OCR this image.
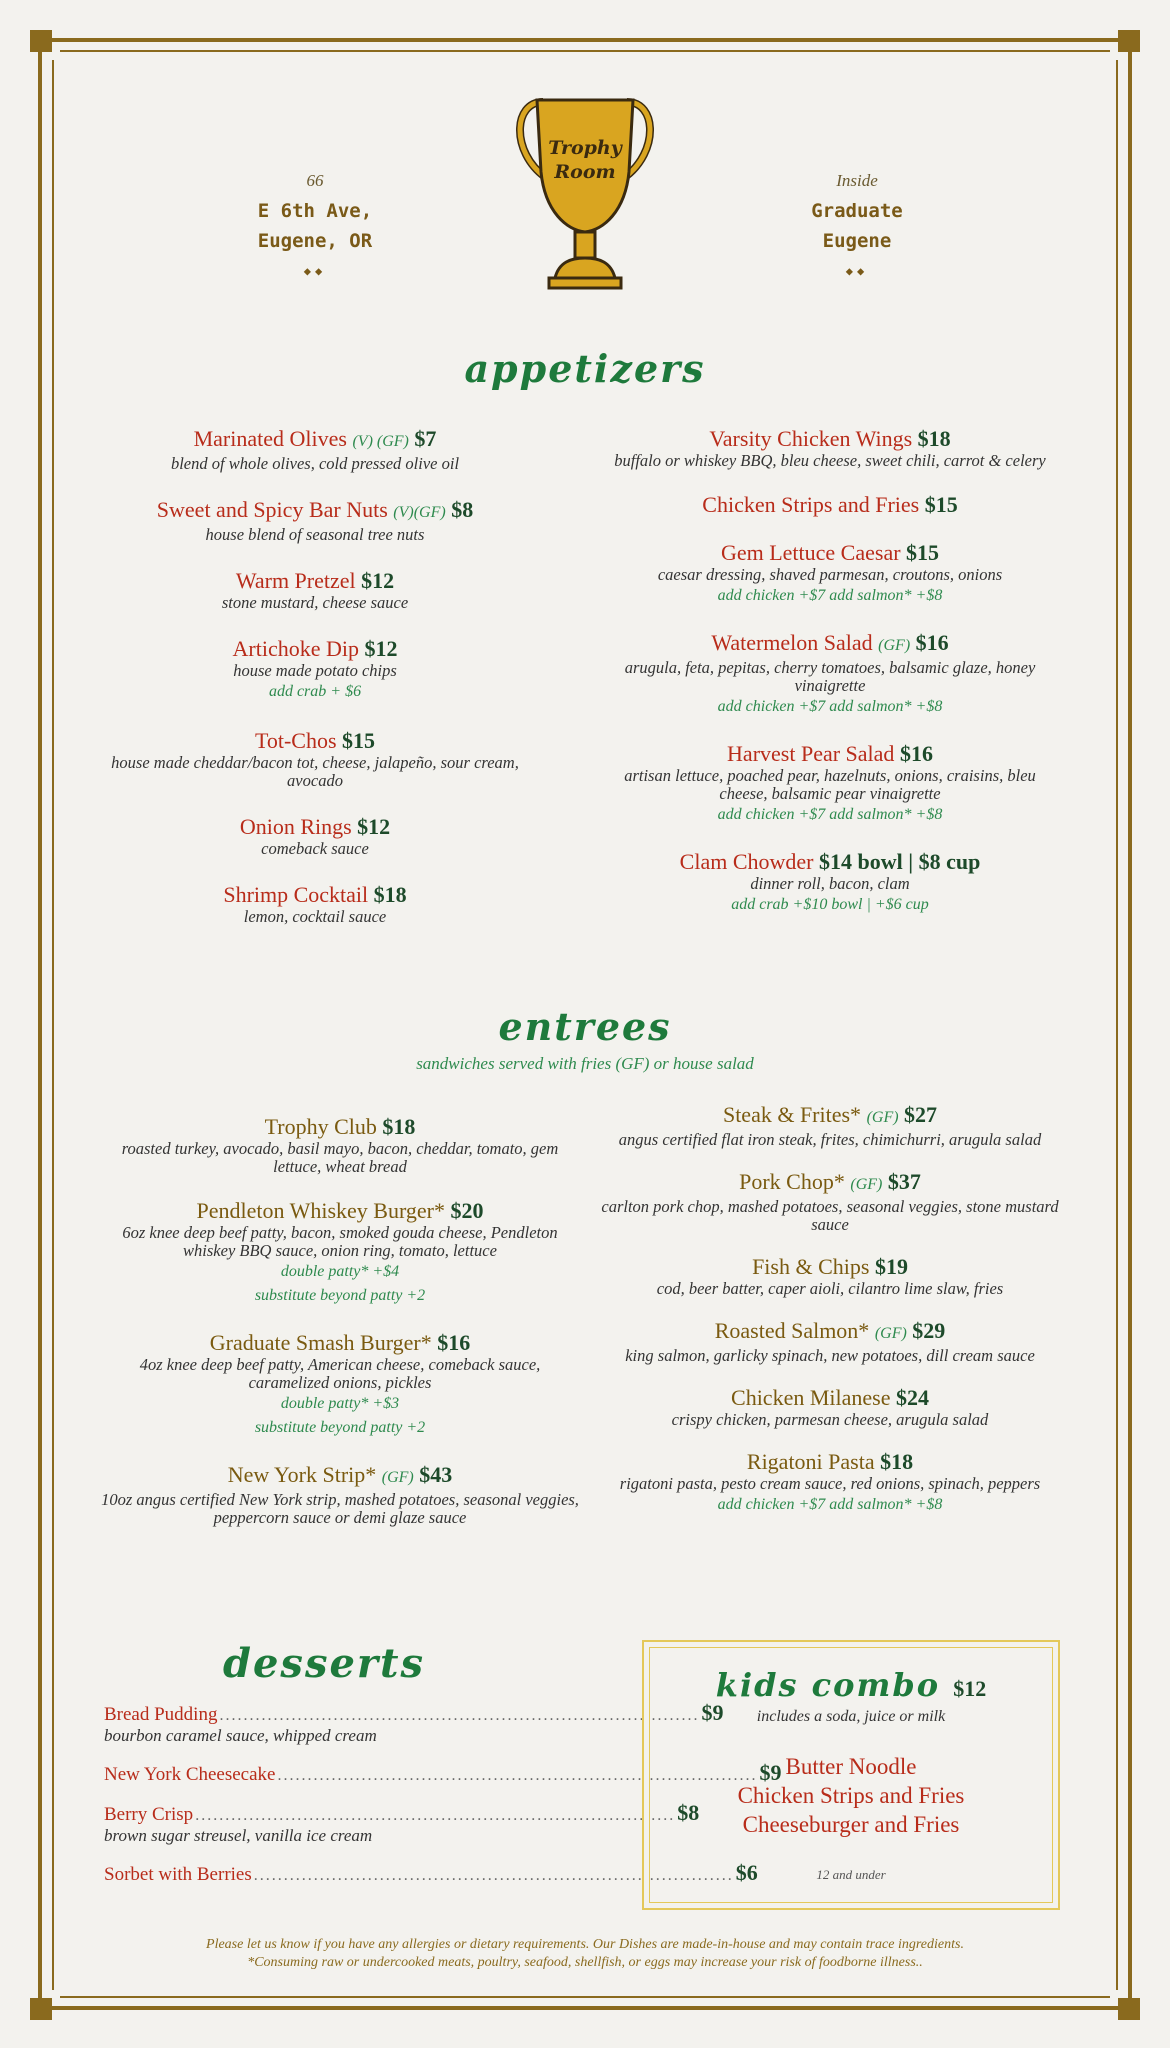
66
E 6th Ave,
Eugene, OR
◆◆
Inside
Graduate
Eugene
◆◆
Trophy
Room
appetizers
Marinated Olives (V) (GF) $7
blend of whole olives, cold pressed olive oil
Sweet and Spicy Bar Nuts (V)(GF) $8
house blend of seasonal tree nuts
Warm Pretzel $12
stone mustard, cheese sauce
Artichoke Dip $12
house made potato chips
add crab + $6
Tot-Chos $15
house made cheddar/bacon tot, cheese, jalapeño, sour cream, avocado
Onion Rings $12
comeback sauce
Shrimp Cocktail $18
lemon, cocktail sauce
Varsity Chicken Wings $18
buffalo or whiskey BBQ, bleu cheese, sweet chili, carrot & celery
Chicken Strips and Fries $15
Gem Lettuce Caesar $15
caesar dressing, shaved parmesan, croutons, onions
add chicken +$7 add salmon* +$8
Watermelon Salad (GF) $16
arugula, feta, pepitas, cherry tomatoes, balsamic glaze, honey vinaigrette
add chicken +$7 add salmon* +$8
Harvest Pear Salad $16
artisan lettuce, poached pear, hazelnuts, onions, craisins, bleu cheese, balsamic pear vinaigrette
add chicken +$7 add salmon* +$8
Clam Chowder $14 bowl | $8 cup
dinner roll, bacon, clam
add crab +$10 bowl | +$6 cup
entrees
sandwiches served with fries (GF) or house salad
Trophy Club $18
roasted turkey, avocado, basil mayo, bacon, cheddar, tomato, gem lettuce, wheat bread
Pendleton Whiskey Burger* $20
6oz knee deep beef patty, bacon, smoked gouda cheese, Pendleton whiskey BBQ sauce, onion ring, tomato, lettuce
double patty* +$4
substitute beyond patty +2
Graduate Smash Burger* $16
4oz knee deep beef patty, American cheese, comeback sauce, caramelized onions, pickles
double patty* +$3
substitute beyond patty +2
New York Strip* (GF) $43
10oz angus certified New York strip, mashed potatoes, seasonal veggies, peppercorn sauce or demi glaze sauce
Steak & Frites* (GF) $27
angus certified flat iron steak, frites, chimichurri, arugula salad
Pork Chop* (GF) $37
carlton pork chop, mashed potatoes, seasonal veggies, stone mustard sauce
Fish & Chips $19
cod, beer batter, caper aioli, cilantro lime slaw, fries
Roasted Salmon* (GF) $29
king salmon, garlicky spinach, new potatoes, dill cream sauce
Chicken Milanese $24
crispy chicken, parmesan cheese, arugula salad
Rigatoni Pasta $18
rigatoni pasta, pesto cream sauce, red onions, spinach, peppers
add chicken +$7 add salmon* +$8
desserts
Bread Pudding ................................................................................ $9
bourbon caramel sauce, whipped cream
New York Cheesecake ................................................................................ $9
Berry Crisp ................................................................................ $8
brown sugar streusel, vanilla ice cream
Sorbet with Berries ................................................................................ $6
kids combo $12
includes a soda, juice or milk
Butter Noodle
Chicken Strips and Fries
Cheeseburger and Fries
12 and under
Please let us know if you have any allergies or dietary requirements. Our Dishes are made-in-house and may contain trace ingredients.
*Consuming raw or undercooked meats, poultry, seafood, shellfish, or eggs may increase your risk of foodborne illness..
